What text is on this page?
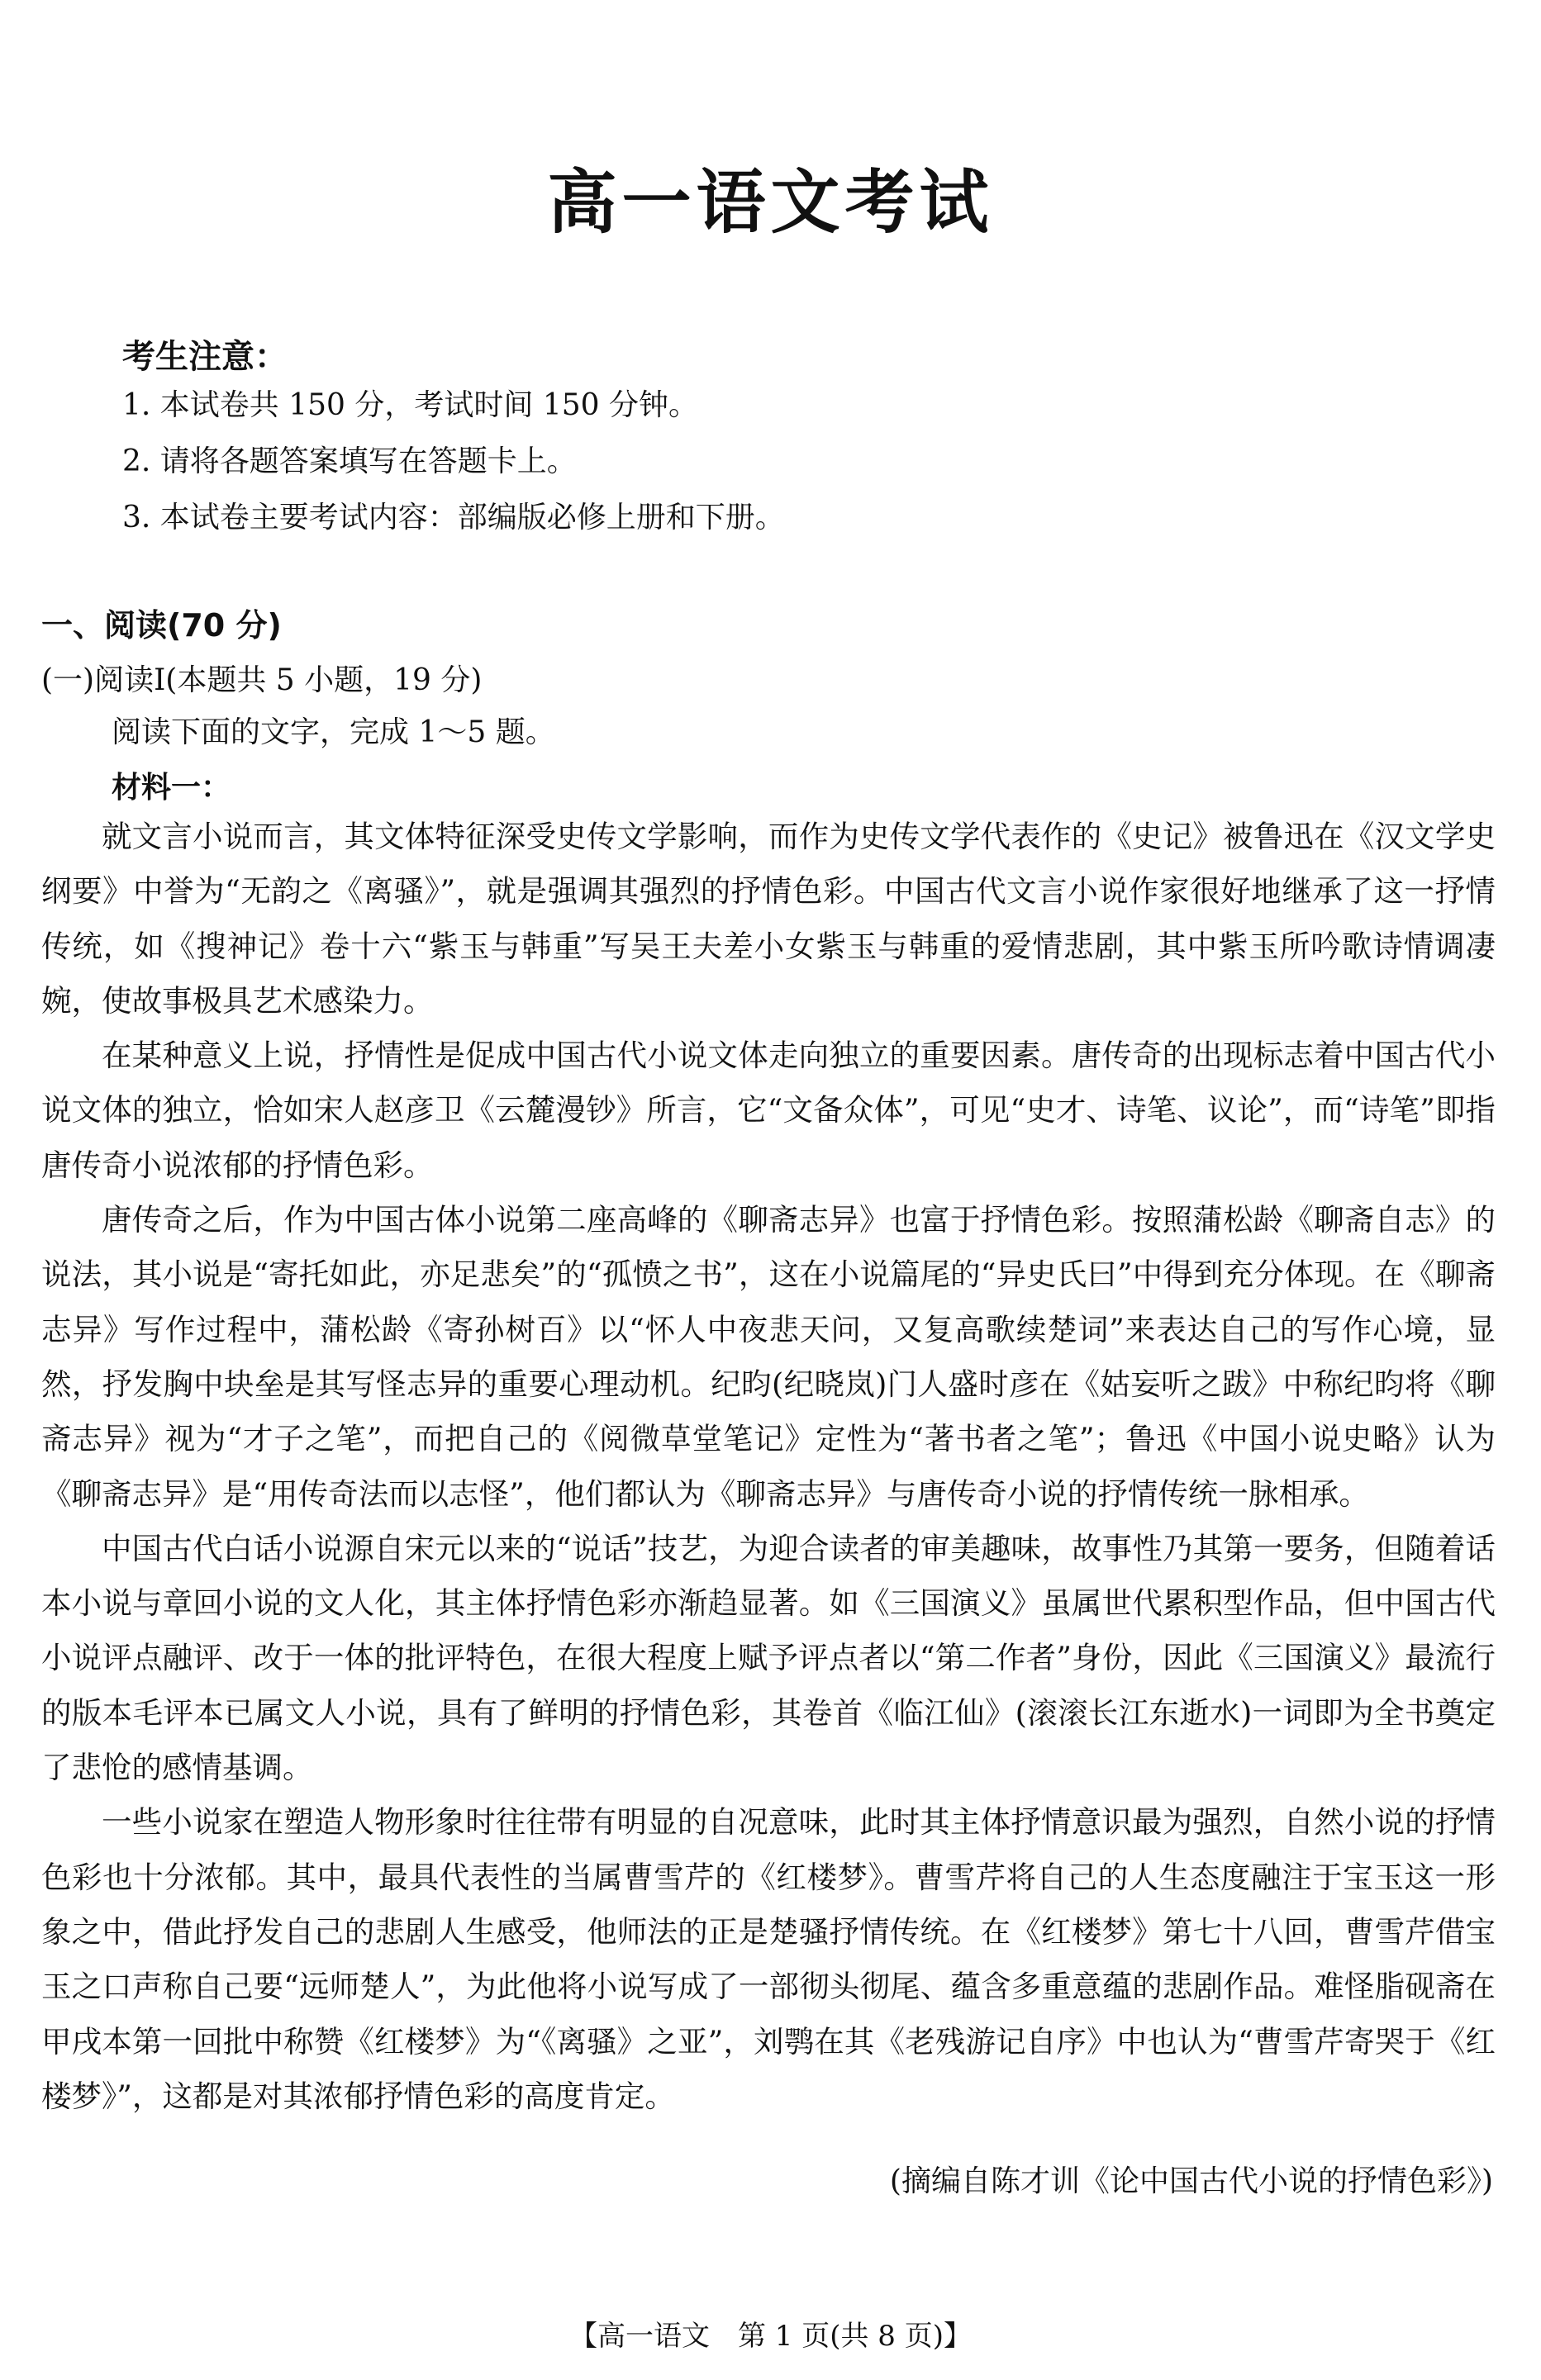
高一语文考试
考生注意：
1. 本试卷共 150 分，考试时间 150 分钟。
2. 请将各题答案填写在答题卡上。
3. 本试卷主要考试内容：部编版必修上册和下册。
一、阅读(70 分)
(一)阅读Ⅰ(本题共 5 小题，19 分)
阅读下面的文字，完成 1～5 题。
材料一：

就文言小说而言，其文体特征深受史传文学影响，而作为史传文学代表作的《史记》被鲁迅在《汉文学史纲要》中誉为“无韵之《离骚》”，就是强调其强烈的抒情色彩。中国古代文言小说作家很好地继承了这一抒情传统，如《搜神记》卷十六“紫玉与韩重”写吴王夫差小女紫玉与韩重的爱情悲剧，其中紫玉所吟歌诗情调凄婉，使故事极具艺术感染力。

在某种意义上说，抒情性是促成中国古代小说文体走向独立的重要因素。唐传奇的出现标志着中国古代小说文体的独立，恰如宋人赵彦卫《云麓漫钞》所言，它“文备众体”，可见“史才、诗笔、议论”，而“诗笔”即指唐传奇小说浓郁的抒情色彩。

唐传奇之后，作为中国古体小说第二座高峰的《聊斋志异》也富于抒情色彩。按照蒲松龄《聊斋自志》的说法，其小说是“寄托如此，亦足悲矣”的“孤愤之书”，这在小说篇尾的“异史氏曰”中得到充分体现。在《聊斋志异》写作过程中，蒲松龄《寄孙树百》以“怀人中夜悲天问，又复高歌续楚词”来表达自己的写作心境，显然，抒发胸中块垒是其写怪志异的重要心理动机。纪昀(纪晓岚)门人盛时彦在《姑妄听之跋》中称纪昀将《聊斋志异》视为“才子之笔”，而把自己的《阅微草堂笔记》定性为“著书者之笔”；鲁迅《中国小说史略》认为《聊斋志异》是“用传奇法而以志怪”，他们都认为《聊斋志异》与唐传奇小说的抒情传统一脉相承。

中国古代白话小说源自宋元以来的“说话”技艺，为迎合读者的审美趣味，故事性乃其第一要务，但随着话本小说与章回小说的文人化，其主体抒情色彩亦渐趋显著。如《三国演义》虽属世代累积型作品，但中国古代小说评点融评、改于一体的批评特色，在很大程度上赋予评点者以“第二作者”身份，因此《三国演义》最流行的版本毛评本已属文人小说，具有了鲜明的抒情色彩，其卷首《临江仙》(滚滚长江东逝水)一词即为全书奠定了悲怆的感情基调。

一些小说家在塑造人物形象时往往带有明显的自况意味，此时其主体抒情意识最为强烈，自然小说的抒情色彩也十分浓郁。其中，最具代表性的当属曹雪芹的《红楼梦》。曹雪芹将自己的人生态度融注于宝玉这一形象之中，借此抒发自己的悲剧人生感受，他师法的正是楚骚抒情传统。在《红楼梦》第七十八回，曹雪芹借宝玉之口声称自己要“远师楚人”，为此他将小说写成了一部彻头彻尾、蕴含多重意蕴的悲剧作品。难怪脂砚斋在甲戌本第一回批中称赞《红楼梦》为“《离骚》之亚”，刘鹗在其《老残游记自序》中也认为“曹雪芹寄哭于《红楼梦》”，这都是对其浓郁抒情色彩的高度肯定。

(摘编自陈才训《论中国古代小说的抒情色彩》)
【高一语文　第 1 页(共 8 页)】
